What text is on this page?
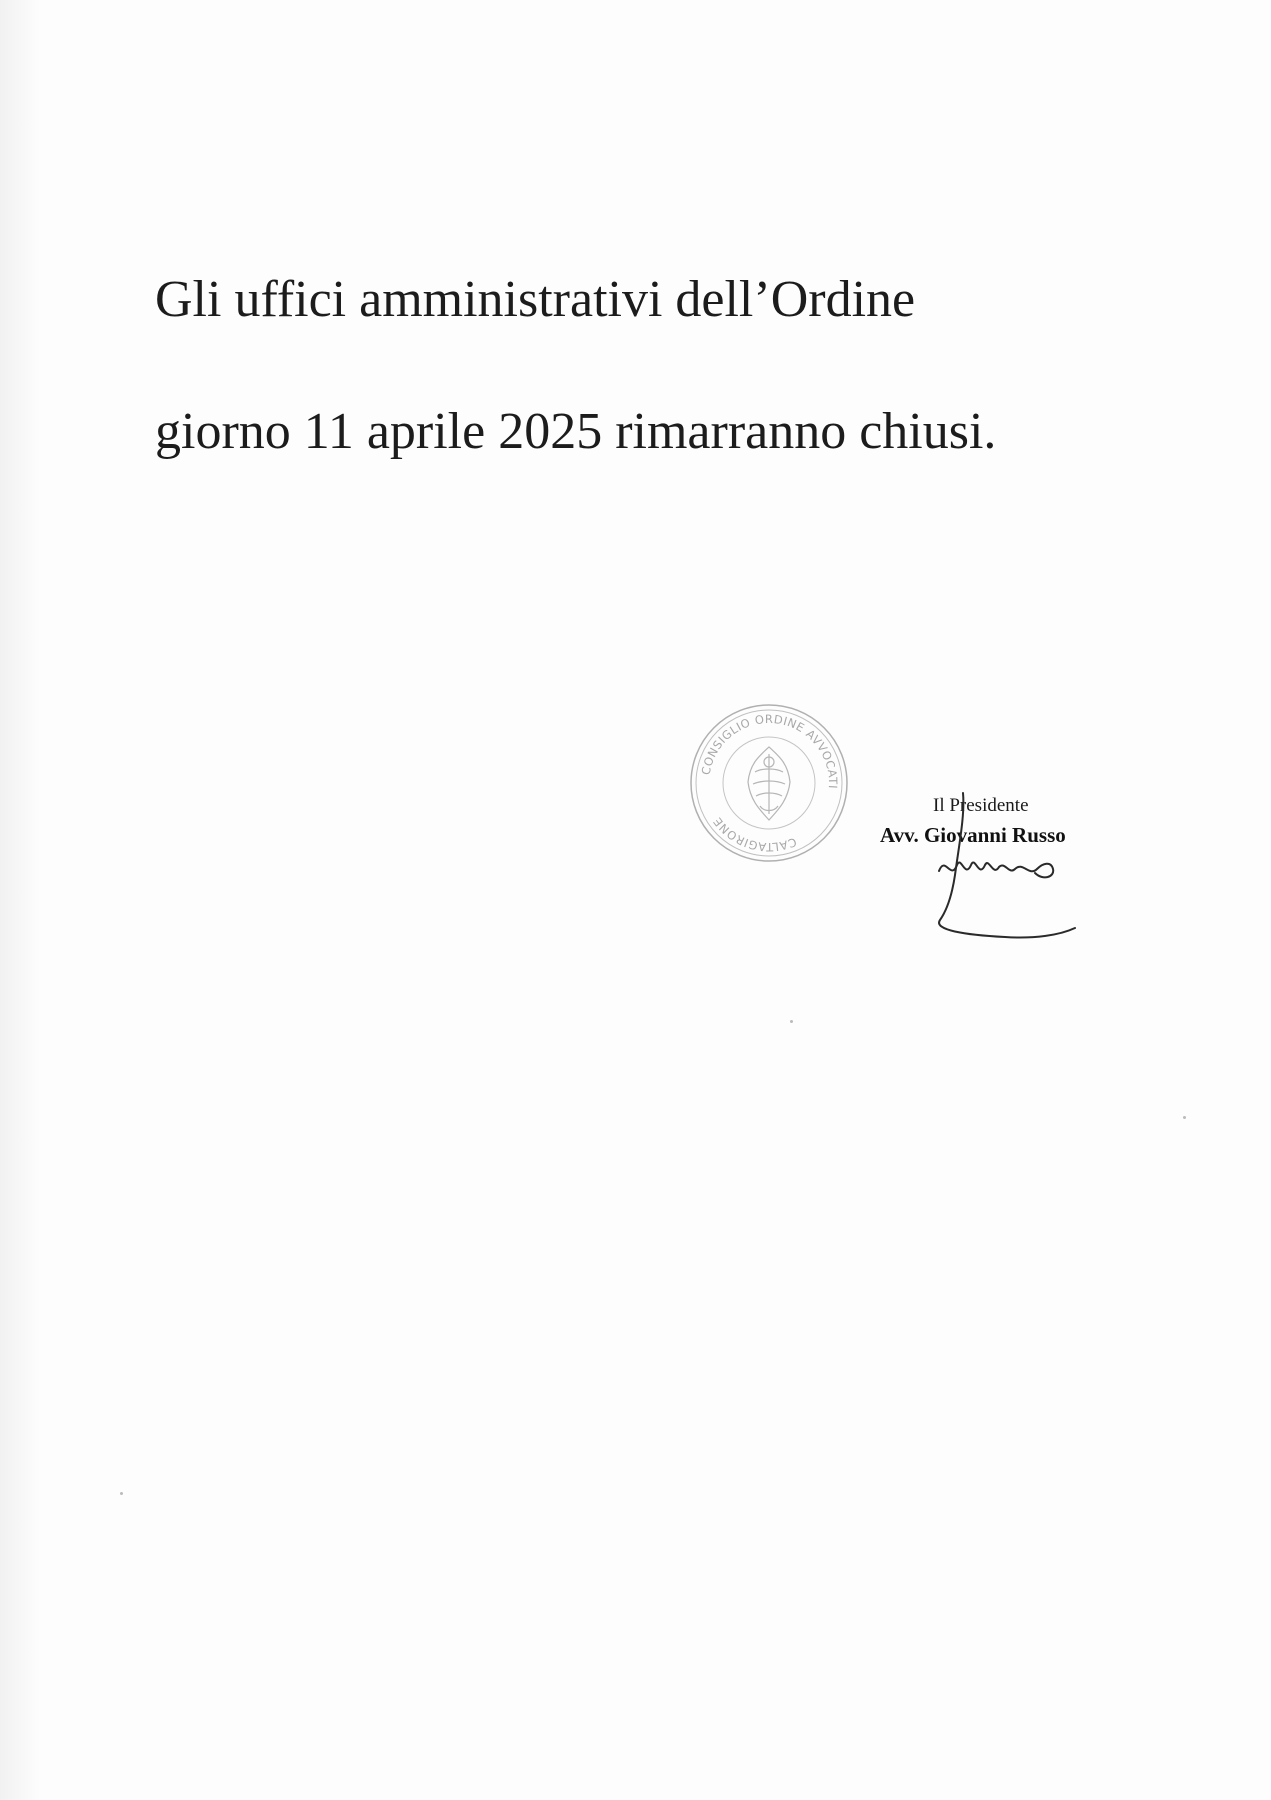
Gli uffici amministrativi dell’Ordine
giorno 11 aprile 2025 rimarranno chiusi.
CONSIGLIO ORDINE AVVOCATI
CALTAGIRONE
Il Presidente
Avv. Giovanni Russo
